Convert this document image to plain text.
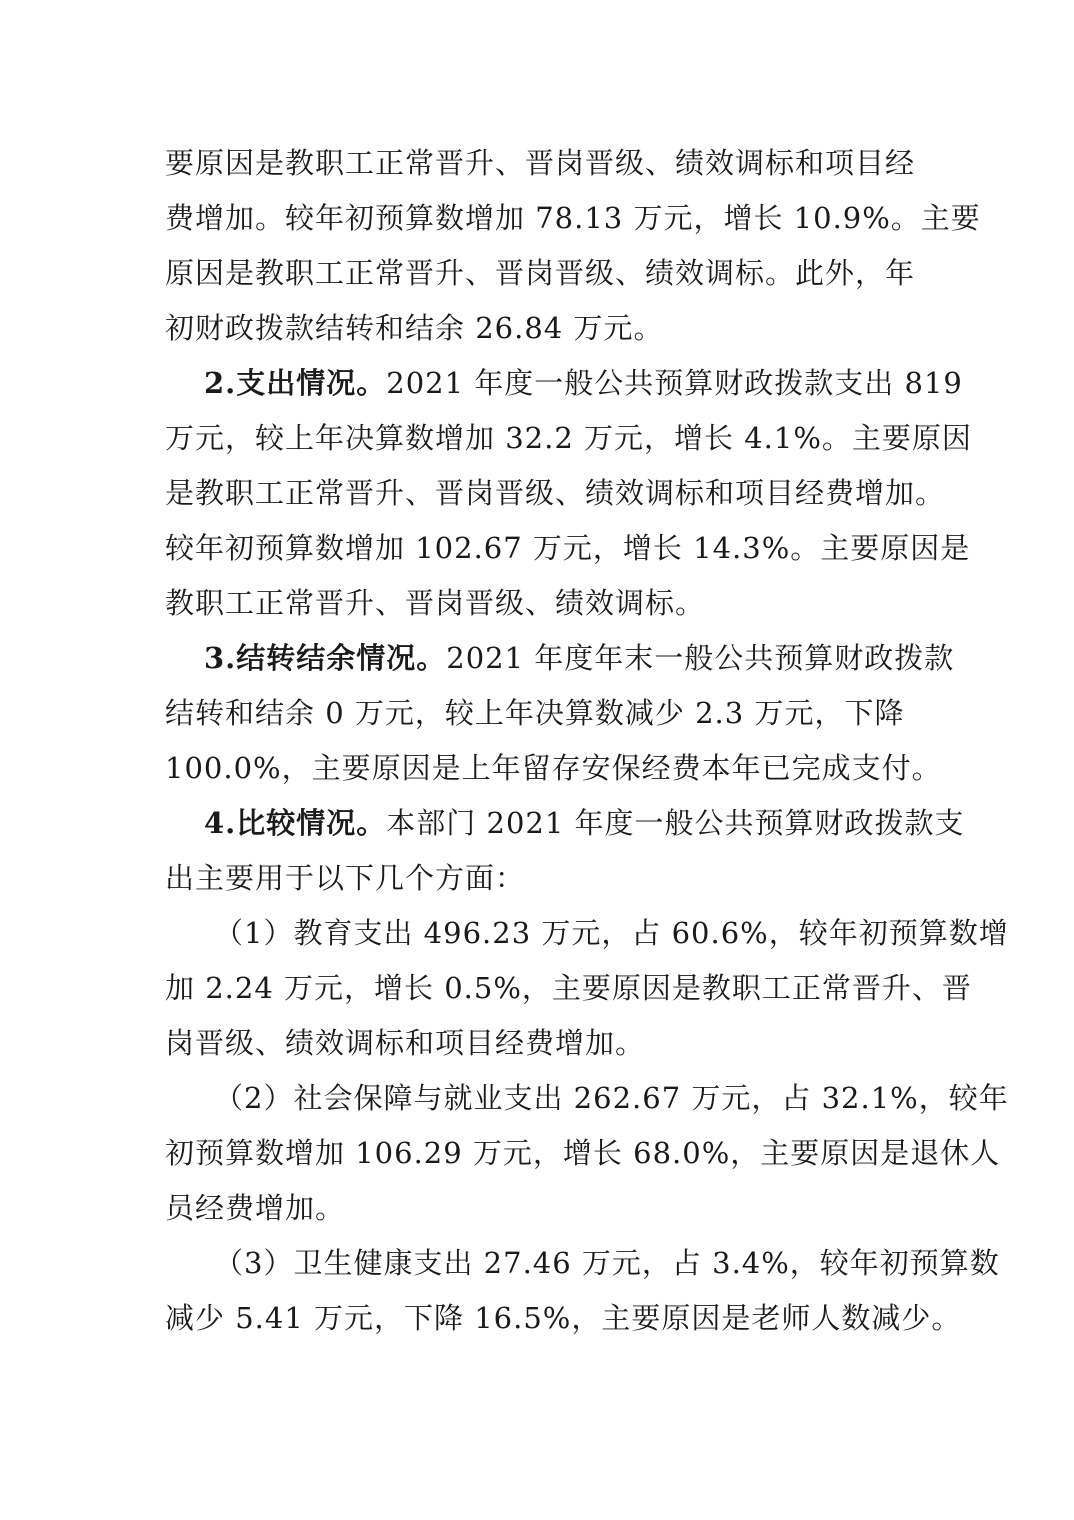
要原因是教职工正常晋升、晋岗晋级、绩效调标和项目经
费增加。较年初预算数增加 78.13 万元，增长 10.9%。主要
原因是教职工正常晋升、晋岗晋级、绩效调标。此外，年
初财政拨款结转和结余 26.84 万元。
2.支出情况。2021 年度一般公共预算财政拨款支出 819
万元，较上年决算数增加 32.2 万元，增长 4.1%。主要原因
是教职工正常晋升、晋岗晋级、绩效调标和项目经费增加。
较年初预算数增加 102.67 万元，增长 14.3%。主要原因是
教职工正常晋升、晋岗晋级、绩效调标。
3.结转结余情况。2021 年度年末一般公共预算财政拨款
结转和结余 0 万元，较上年决算数减少 2.3 万元，下降
100.0%，主要原因是上年留存安保经费本年已完成支付。
4.比较情况。本部门 2021 年度一般公共预算财政拨款支
出主要用于以下几个方面：
（1）教育支出 496.23 万元，占 60.6%，较年初预算数增
加 2.24 万元，增长 0.5%，主要原因是教职工正常晋升、晋
岗晋级、绩效调标和项目经费增加。
（2）社会保障与就业支出 262.67 万元，占 32.1%，较年
初预算数增加 106.29 万元，增长 68.0%，主要原因是退休人
员经费增加。
（3）卫生健康支出 27.46 万元，占 3.4%，较年初预算数
减少 5.41 万元，下降 16.5%，主要原因是老师人数减少。
